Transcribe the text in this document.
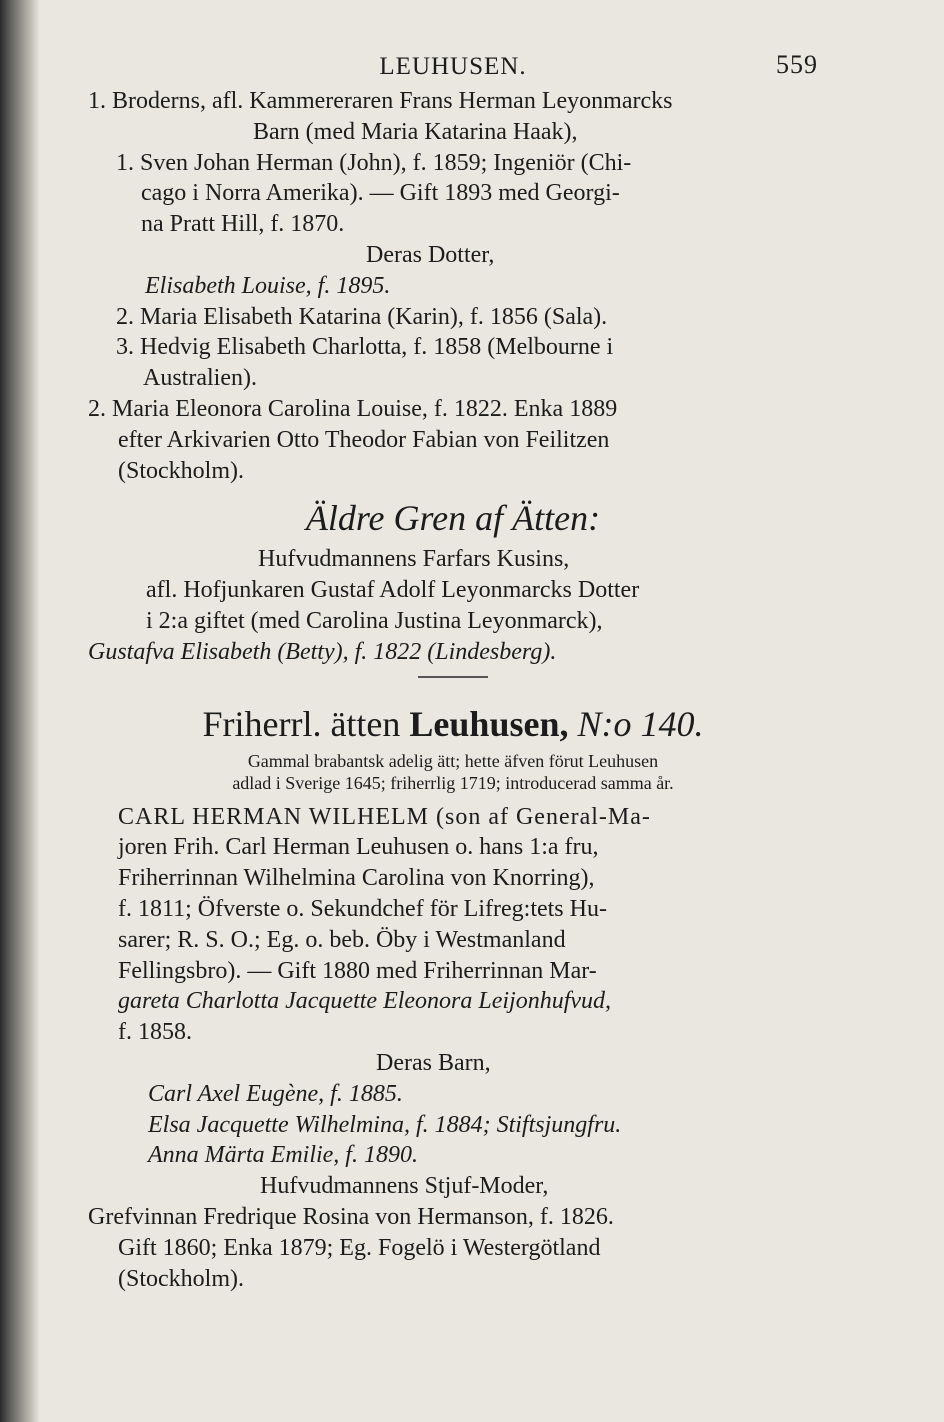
LEUHUSEN.	559
1. Broderns, afl. Kammereraren Frans Herman Leyonmarcks
Barn (med Maria Katarina Haak),
1. Sven Johan Herman (John), f. 1859; Ingeniör (Chi-
cago i Norra Amerika). — Gift 1893 med Georgi-
na Pratt Hill, f. 1870.
Deras Dotter,
Elisabeth Louise, f. 1895.
2. Maria Elisabeth Katarina (Karin), f. 1856 (Sala).
3. Hedvig Elisabeth Charlotta, f. 1858 (Melbourne i
Australien).
2. Maria Eleonora Carolina Louise, f. 1822. Enka 1889
efter Arkivarien Otto Theodor Fabian von Feilitzen
(Stockholm).
Äldre Gren af Ätten:
Hufvudmannens Farfars Kusins,
afl. Hofjunkaren Gustaf Adolf Leyonmarcks Dotter
i 2:a giftet (med Carolina Justina Leyonmarck),
Gustafva Elisabeth (Betty), f. 1822 (Lindesberg).
Friherrl. ätten Leuhusen, N:o 140.
Gammal brabantsk adelig ätt; hette äfven förut Leuhusen
adlad i Sverige 1645; friherrlig 1719; introducerad samma år.
CARL HERMAN WILHELM (son af General-Ma-
joren Frih. Carl Herman Leuhusen o. hans 1:a fru,
Friherrinnan Wilhelmina Carolina von Knorring),
f. 1811; Öfverste o. Sekundchef för Lifreg:tets Hu-
sarer; R. S. O.; Eg. o. beb. Öby i Westmanland
Fellingsbro). — Gift 1880 med Friherrinnan Mar-
gareta Charlotta Jacquette Eleonora Leijonhufvud,
f. 1858.
Deras Barn,
Carl Axel Eugène, f. 1885.
Elsa Jacquette Wilhelmina, f. 1884; Stiftsjungfru.
Anna Märta Emilie, f. 1890.
Hufvudmannens Stjuf-Moder,
Grefvinnan Fredrique Rosina von Hermanson, f. 1826.
Gift 1860; Enka 1879; Eg. Fogelö i Westergötland
(Stockholm).
